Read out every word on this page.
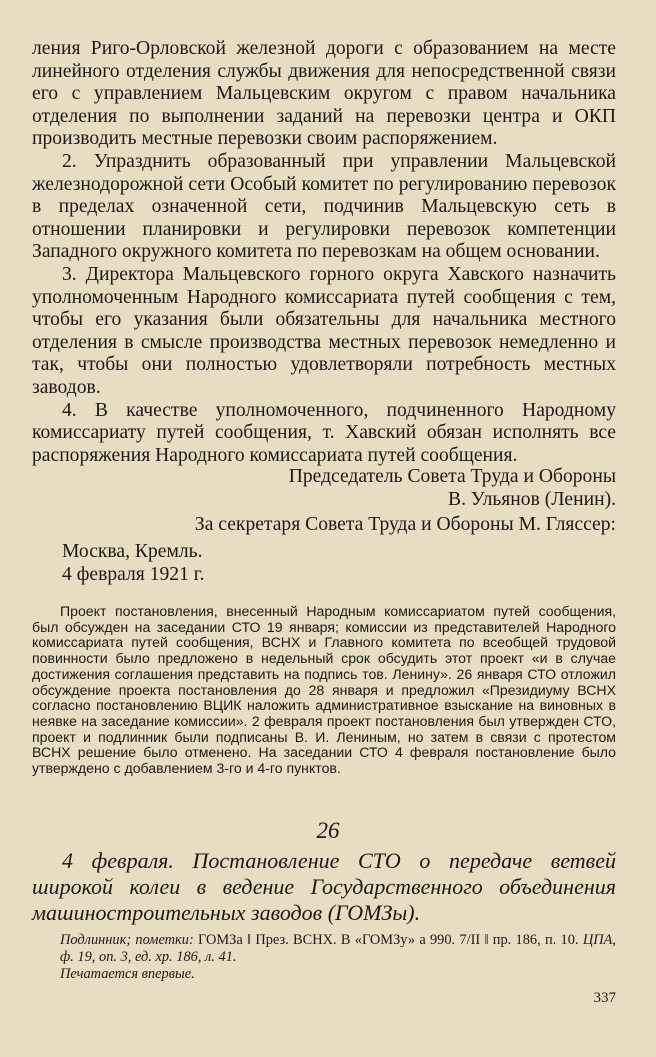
ления Риго-Орловской железной дороги с образованием на месте линейного отделения службы движения для непосредственной связи его с управлением Мальцевским округом с правом начальника отделения по выполнении заданий на перевозки центра и ОКП производить местные перевозки своим распоряжением.

2. Упразднить образованный при управлении Мальцевской железнодорожной сети Особый комитет по регулированию перевозок в пределах означенной сети, подчинив Мальцевскую сеть в отношении планировки и регулировки перевозок компетенции Западного окружного комитета по перевозкам на общем основании.

3. Директора Мальцевского горного округа Хавского назначить уполномоченным Народного комиссариата путей сообщения с тем, чтобы его указания были обязательны для начальника местного отделения в смысле производства местных перевозок немедленно и так, чтобы они полностью удовлетворяли потребность местных заводов.

4. В качестве уполномоченного, подчиненного Народному комиссариату путей сообщения, т. Хавский обязан исполнять все распоряжения Народного комиссариата путей сообщения.

Председатель Совета Труда и Обороны
В. Ульянов (Ленин).
За секретаря Совета Труда и Обороны М. Гляссер:
Москва, Кремль.
4 февраля 1921 г.

Проект постановления, внесенный Народным комиссариатом путей сообщения, был обсужден на заседании СТО 19 января; комиссии из представителей Народного комиссариата путей сообщения, ВСНХ и Главного комитета по всеобщей трудовой повинности было предложено в недельный срок обсудить этот проект «и в случае достижения соглашения представить на подпись тов. Ленину». 26 января СТО отложил обсуждение проекта постановления до 28 января и предложил «Президиуму ВСНХ согласно постановлению ВЦИК наложить административное взыскание на виновных в неявке на заседание комиссии». 2 февраля проект постановления был утвержден СТО, проект и подлинник были подписаны В. И. Лениным, но затем в связи с протестом ВСНХ решение было отменено. На заседании СТО 4 февраля постановление было утверждено с добавлением 3-го и 4-го пунктов.

26
4 февраля. Постановление СТО о передаче ветвей широкой колеи в ведение Государственного объединения машиностроительных заводов (ГОМЗы).

Подлинник; пометки: ГОМЗа ‖ През. ВСНХ. В «ГОМЗу» а 990. 7/II ‖ пр. 186, п. 10. ЦПА, ф. 19, оп. 3, ед. хр. 186, л. 41.

Печатается впервые.

337
